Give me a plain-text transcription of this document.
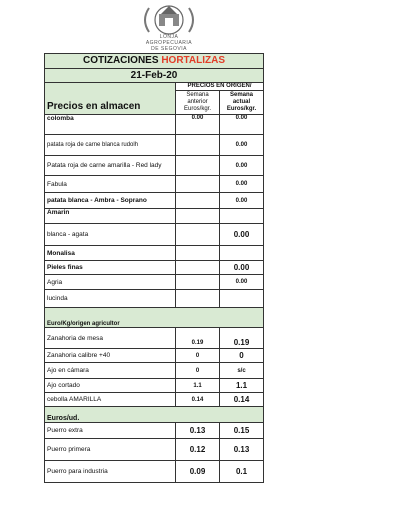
LONJA
AGROPECUARIA
DE SEGOVIA
COTIZACIONES HORTALIZAS		
21-Feb-20		
Precios en almacen	PRECIOS EN ORIGEN/	
	Semana anterior Euros/kgr.	Semana actual Euros/kgr.
colomba	0.00	0.00
patata roja de carne blanca rudolh		0.00
Patata roja de carne amarilla - Red lady		0.00
Fabula		0.00
patata blanca - Ambra - Soprano		0.00
Amarin		
blanca - agata		0.00
Monalisa		
Pieles finas		0.00
Agria		0.00
lucinda		
Euro/Kg/origen agricultor		
Zanahoria de mesa	0.19	0.19
Zanahoria calibre +40	0	0
Ajo en cámara	0	s/c
Ajo cortado	1.1	1.1
cebolla AMARILLA	0.14	0.14
Euros/ud.		
Puerro extra	0.13	0.15
Puerro primera	0.12	0.13
Puerro para industria	0.09	0.1
